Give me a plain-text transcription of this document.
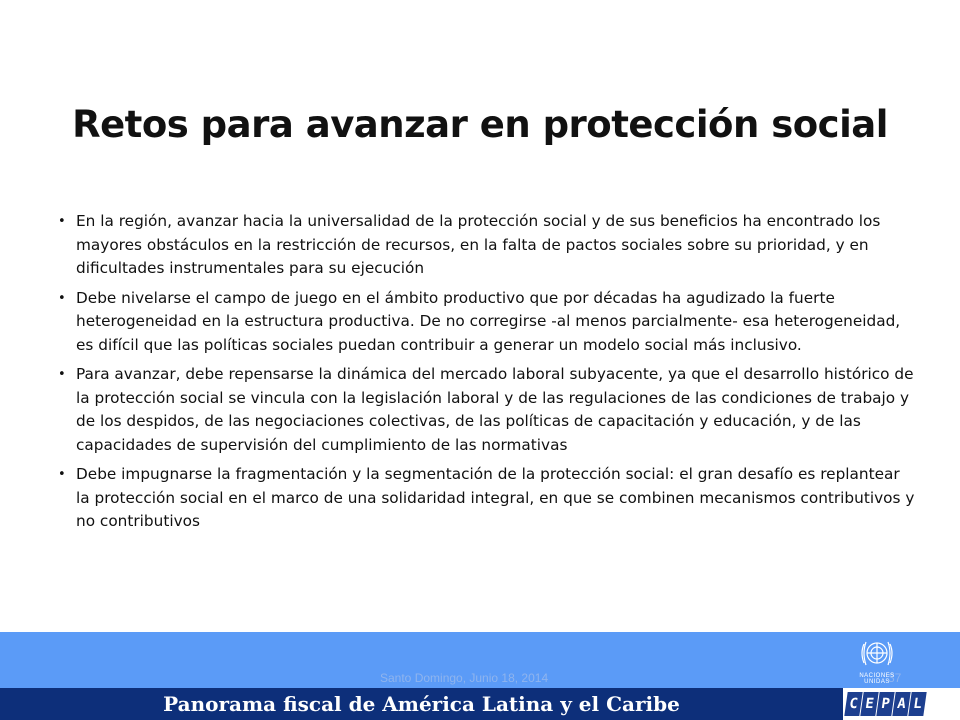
Retos para avanzar en protección social
• En la región, avanzar hacia la universalidad de la protección social y de sus beneficios ha encontrado los mayores obstáculos en la restricción de recursos, en la falta de pactos sociales sobre su prioridad, y en dificultades instrumentales para su ejecución
• Debe nivelarse el campo de juego en el ámbito productivo que por décadas ha agudizado la fuerte heterogeneidad en la estructura productiva. De no corregirse -al menos parcialmente- esa heterogeneidad, es difícil que las políticas sociales puedan contribuir a generar un modelo social más inclusivo.
• Para avanzar, debe repensarse la dinámica del mercado laboral subyacente, ya que el desarrollo histórico de la protección social se vincula con la legislación laboral y de las regulaciones de las condiciones de trabajo y de los despidos, de las negociaciones colectivas, de las políticas de capacitación y educación, y de las capacidades de supervisión del cumplimiento de las normativas
• Debe impugnarse la fragmentación y la segmentación de la protección social: el gran desafío es replantear la protección social en el marco de una solidaridad integral, en que se combinen mecanismos contributivos y no contributivos
Panorama fiscal de América Latina y el Caribe
Santo Domingo, Junio 18, 2014	37
NACIONES UNIDAS
C E P A L
